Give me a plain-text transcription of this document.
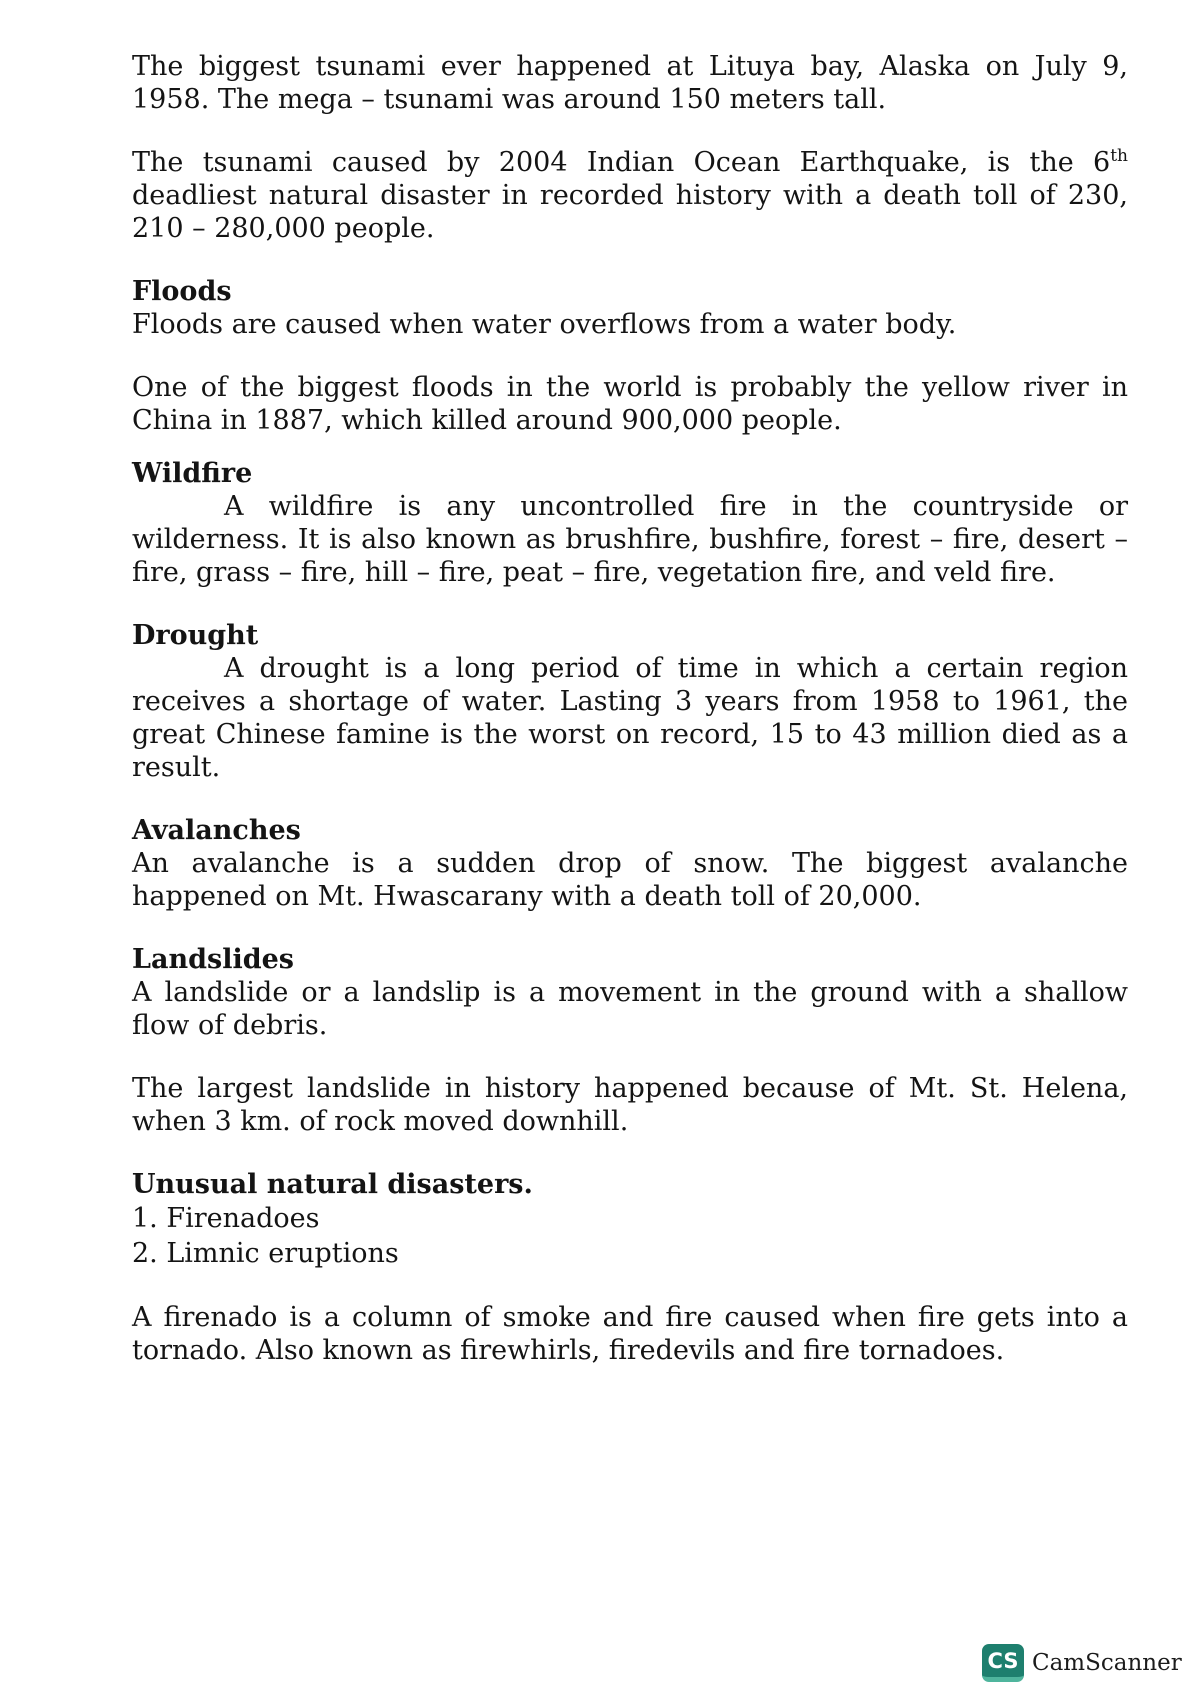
The biggest tsunami ever happened at Lituya bay, Alaska on July 9, 1958. The mega – tsunami was around 150 meters tall.

The tsunami caused by 2004 Indian Ocean Earthquake, is the 6th deadliest natural disaster in recorded history with a death toll of 230, 210 – 280,000 people.

Floods

Floods are caused when water overflows from a water body.

One of the biggest floods in the world is probably the yellow river in China in 1887, which killed around 900,000 people.

Wildfire

A wildfire is any uncontrolled fire in the countryside or wilderness. It is also known as brushfire, bushfire, forest – fire, desert – fire, grass – fire, hill – fire, peat – fire, vegetation fire, and veld fire.

Drought

A drought is a long period of time in which a certain region receives a shortage of water. Lasting 3 years from 1958 to 1961, the great Chinese famine is the worst on record, 15 to 43 million died as a result.

Avalanches

An avalanche is a sudden drop of snow. The biggest avalanche happened on Mt. Hwascarany with a death toll of 20,000.

Landslides

A landslide or a landslip is a movement in the ground with a shallow flow of debris.

The largest landslide in history happened because of Mt. St. Helena, when 3 km. of rock moved downhill.

Unusual natural disasters.
1. Firenadoes
2. Limnic eruptions

A firenado is a column of smoke and fire caused when fire gets into a tornado. Also known as firewhirls, firedevils and fire tornadoes.

CS CamScanner
